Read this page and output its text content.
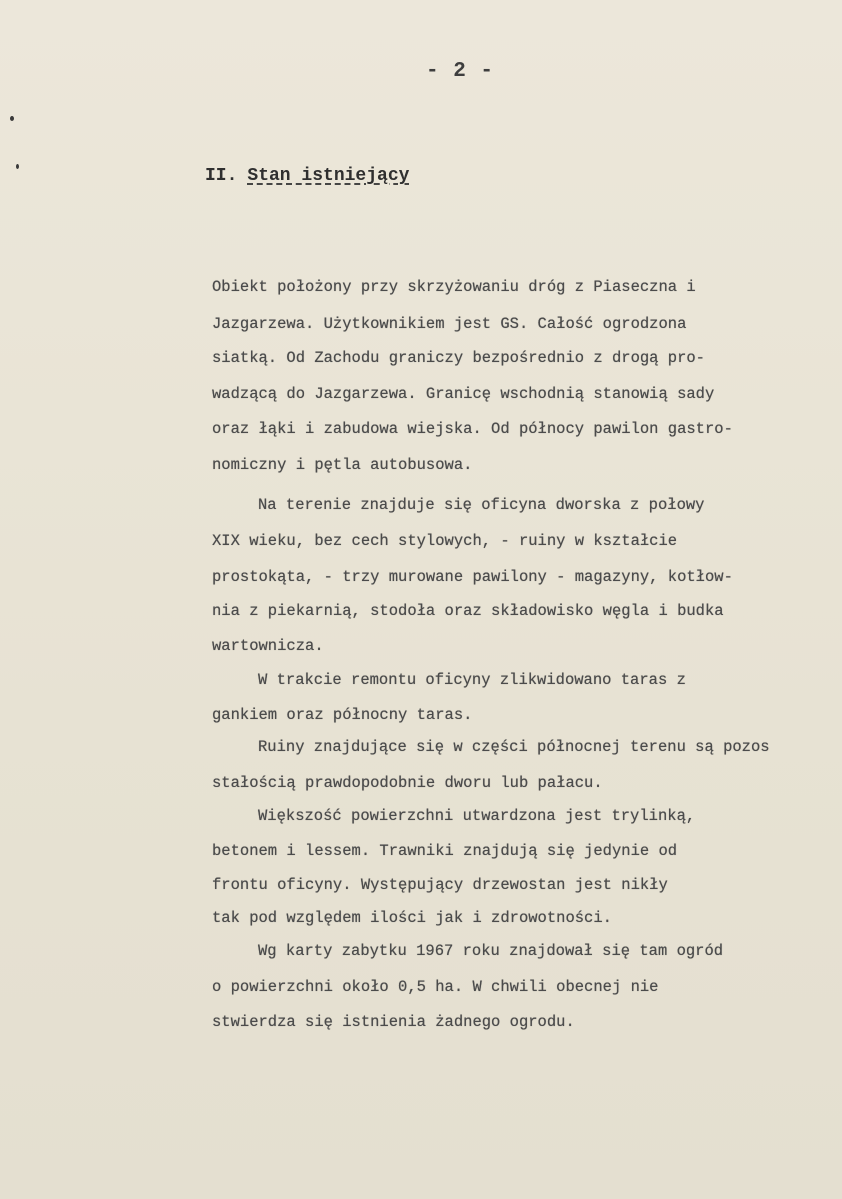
- 2 -
II. Stan istniejący
Obiekt położony przy skrzyżowaniu dróg z Piaseczna i
Jazgarzewa. Użytkownikiem jest GS. Całość ogrodzona
siatką. Od Zachodu graniczy bezpośrednio z drogą pro-
wadzącą do Jazgarzewa. Granicę wschodnią stanowią sady
oraz łąki i zabudowa wiejska. Od północy pawilon gastro-
nomiczny i pętla autobusowa.
Na terenie znajduje się oficyna dworska z połowy
XIX wieku, bez cech stylowych, - ruiny w kształcie
prostokąta, - trzy murowane pawilony - magazyny, kotłow-
nia z piekarnią, stodoła oraz składowisko węgla i budka
wartownicza.
W trakcie remontu oficyny zlikwidowano taras z
gankiem oraz północny taras.
Ruiny znajdujące się w części północnej terenu są pozos
stałością prawdopodobnie dworu lub pałacu.
Większość powierzchni utwardzona jest trylinką,
betonem i lessem. Trawniki znajdują się jedynie od
frontu oficyny. Występujący drzewostan jest nikły
tak pod względem ilości jak i zdrowotności.
Wg karty zabytku 1967 roku znajdował się tam ogród
o powierzchni około 0,5 ha. W chwili obecnej nie
stwierdza się istnienia żadnego ogrodu.
